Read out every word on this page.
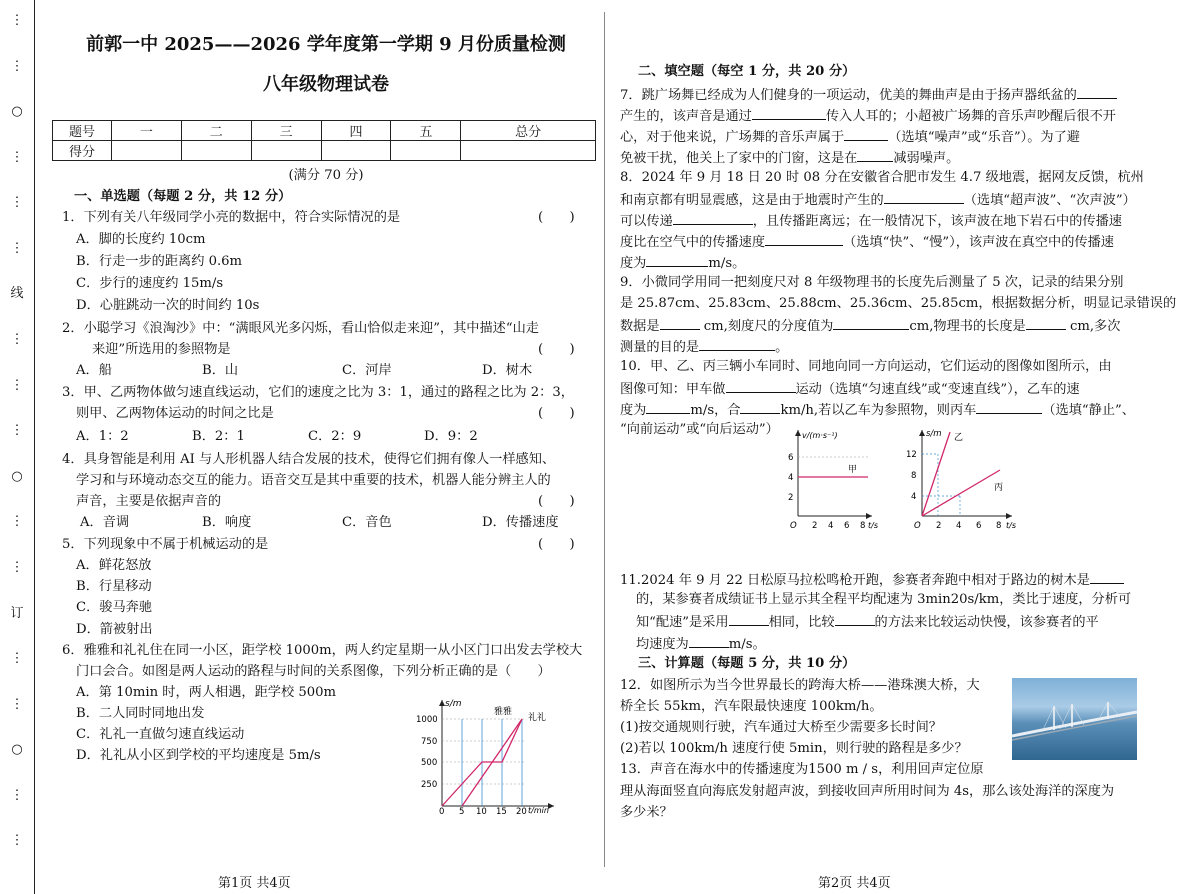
⋮
⋮
○
⋮
⋮
⋮
线
⋮
⋮
⋮
○
⋮
⋮
订
⋮
⋮
○
⋮
⋮
前郭一中 2025——2026 学年度第一学期 9 月份质量检测
八年级物理试卷
题号	一	二	三	四	五	总分
得分						
(满分 70 分)
一、单选题（每题 2 分，共 12 分）
1．下列有关八年级同学小亮的数据中，符合实际情况的是	(　　)
A．脚的长度约 10cm
B．行走一步的距离约 0.6m
C．步行的速度约 15m/s
D．心脏跳动一次的时间约 10s
2．小聪学习《浪淘沙》中：“满眼风光多闪烁，看山恰似走来迎”，其中描述“山走
来迎”所选用的参照物是	(　　)
A．船	B．山	C．河岸	D．树木
3．甲、乙两物体做匀速直线运动，它们的速度之比为 3：1，通过的路程之比为 2：3，
则甲、乙两物体运动的时间之比是	(　　)
A．1：2	B．2：1	C．2：9	D．9：2
4．具身智能是利用 AI 与人形机器人结合发展的技术，使得它们拥有像人一样感知、
学习和与环境动态交互的能力。语音交互是其中重要的技术，机器人能分辨主人的
声音，主要是依据声音的	(　　)
A．音调	B．响度	C．音色	D．传播速度
5．下列现象中不属于机械运动的是	(　　)
A．鲜花怒放
B．行星移动
C．骏马奔驰
D．箭被射出
6．雅雅和礼礼住在同一小区，距学校 1000m，两人约定星期一从小区门口出发去学校大
门口会合。如图是两人运动的路程与时间的关系图像，下列分析正确的是（　　）
A．第 10min 时，两人相遇，距学校 500m
B．二人同时同地出发
C．礼礼一直做匀速直线运动
D．礼礼从小区到学校的平均速度是 5m/s
s/m
t/min
1000
750
500
250
0 5 10 15 20
雅雅
礼礼
第1页 共4页
二、填空题（每空 1 分，共 20 分）
7．跳广场舞已经成为人们健身的一项运动，优美的舞曲声是由于扬声器纸盆的
产生的，该声音是通过	传入人耳的；小超被广场舞的音乐声吵醒后很不开
心，对于他来说，广场舞的音乐声属于	（选填“噪声”或“乐音”）。为了避
免被干扰，他关上了家中的门窗，这是在	减弱噪声。
8．2024 年 9 月 18 日 20 时 08 分在安徽省合肥市发生 4.7 级地震，据网友反馈，杭州
和南京都有明显震感，这是由于地震时产生的	（选填“超声波”、“次声波”）
可以传递	，且传播距离远；在一般情况下，该声波在地下岩石中的传播速
度比在空气中的传播速度	（选填“快”、“慢”），该声波在真空中的传播速
度为	m/s。
9．小微同学用同一把刻度尺对 8 年级物理书的长度先后测量了 5 次，记录的结果分别
是 25.87cm、25.83cm、25.88cm、25.36cm、25.85cm，根据数据分析，明显记录错误的
数据是	cm,刻度尺的分度值为	cm,物理书的长度是	cm,多次
测量的目的是	。
10．甲、乙、丙三辆小车同时、同地向同一方向运动，它们运动的图像如图所示，由
图像可知：甲车做	运动（选填“匀速直线”或“变速直线”），乙车的速
度为	m/s，合	km/h,若以乙车为参照物，则丙车	（选填“静止”、
“向前运动”或“向后运动”）	v/(m·s⁻¹)
t/s
6
4
2
O 2 4 6 8
甲
s/m
t/s
12
8
4
O 2 4 6 8
乙
丙
11.2024 年 9 月 22 日松原马拉松鸣枪开跑，参赛者奔跑中相对于路边的树木是
的，某参赛者成绩证书上显示其全程平均配速为 3min20s/km，类比于速度，分析可
知“配速”是采用	相同，比较	的方法来比较运动快慢，该参赛者的平
均速度为	m/s。
三、计算题（每题 5 分，共 10 分）
12．如图所示为当今世界最长的跨海大桥——港珠澳大桥，大
桥全长 55km，汽车限最快速度 100km/h。
(1)按交通规则行驶，汽车通过大桥至少需要多长时间？
(2)若以 100km/h 速度行使 5min，则行驶的路程是多少？
13．声音在海水中的传播速度为1500 m / s，利用回声定位原
理从海面竖直向海底发射超声波，到接收回声所用时间为 4s，那么该处海洋的深度为
多少米？
第2页 共4页
